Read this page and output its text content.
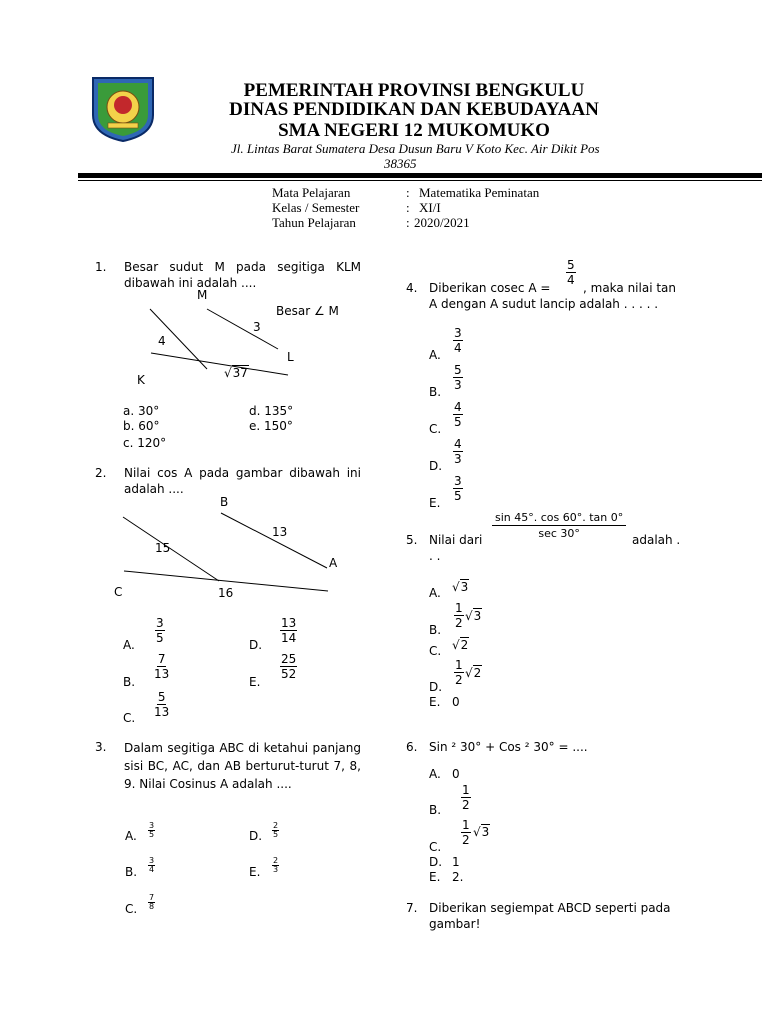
PEMERINTAH PROVINSI BENGKULU
DINAS PENDIDIKAN DAN KEBUDAYAAN
SMA NEGERI 12 MUKOMUKO
Jl. Lintas Barat Sumatera Desa Dusun Baru V Koto Kec. Air Dikit Pos
38365
Mata Pelajaran	: Matematika Peminatan
Kelas / Semester	: XI/I
Tahun Pelajaran	: 2020/2021
1. Besar sudut M pada segitiga KLM dibawah ini adalah ....
M
Besar ∠ M
3
4
L
√37
K
a. 30°
b. 60°
c. 120°
d. 135°
e. 150°
2. Nilai cos A pada gambar dibawah ini adalah ....
B
13
15
A
C	16
A. $\frac{3}{5}$
B.
$\frac{7}{13}$
C. $\frac{5}{13}$
D. $\frac{13}{14}$
E.
$\frac{25}{52}$
3. Dalam segitiga ABC di ketahui panjang sisi BC, AC, dan AB berturut-turut 7, 8, 9. Nilai Cosinus A adalah ....
A. $\frac{3}{5}$
B. $\frac{3}{4}$
C. $\frac{7}{8}$
D. $\frac{2}{5}$
E. $\frac{2}{3}$
$\frac{5}{4}$
4. Diberikan cosec A =	, maka nilai tan
A dengan A sudut lancip adalah . . . . .
A. $\frac{3}{4}$
B. $\frac{5}{3}$
C. $\frac{4}{5}$
D. $\frac{4}{3}$
E. $\frac{3}{5}$
sin 45°. cos 60°. tan 0°
sec 30°
5. Nilai dari	adalah .
. .
A. √3
B. $\frac{1}{2} √3$
C. √2
D. $\frac{1}{2} √2$
E. 0
6. Sin ² 30° + Cos ² 30° = ....
A. 0
B. $\frac{1}{2}$
C. $\frac{1}{2} √3$
D. 1
E. 2.
7. Diberikan segiempat ABCD seperti pada gambar!
